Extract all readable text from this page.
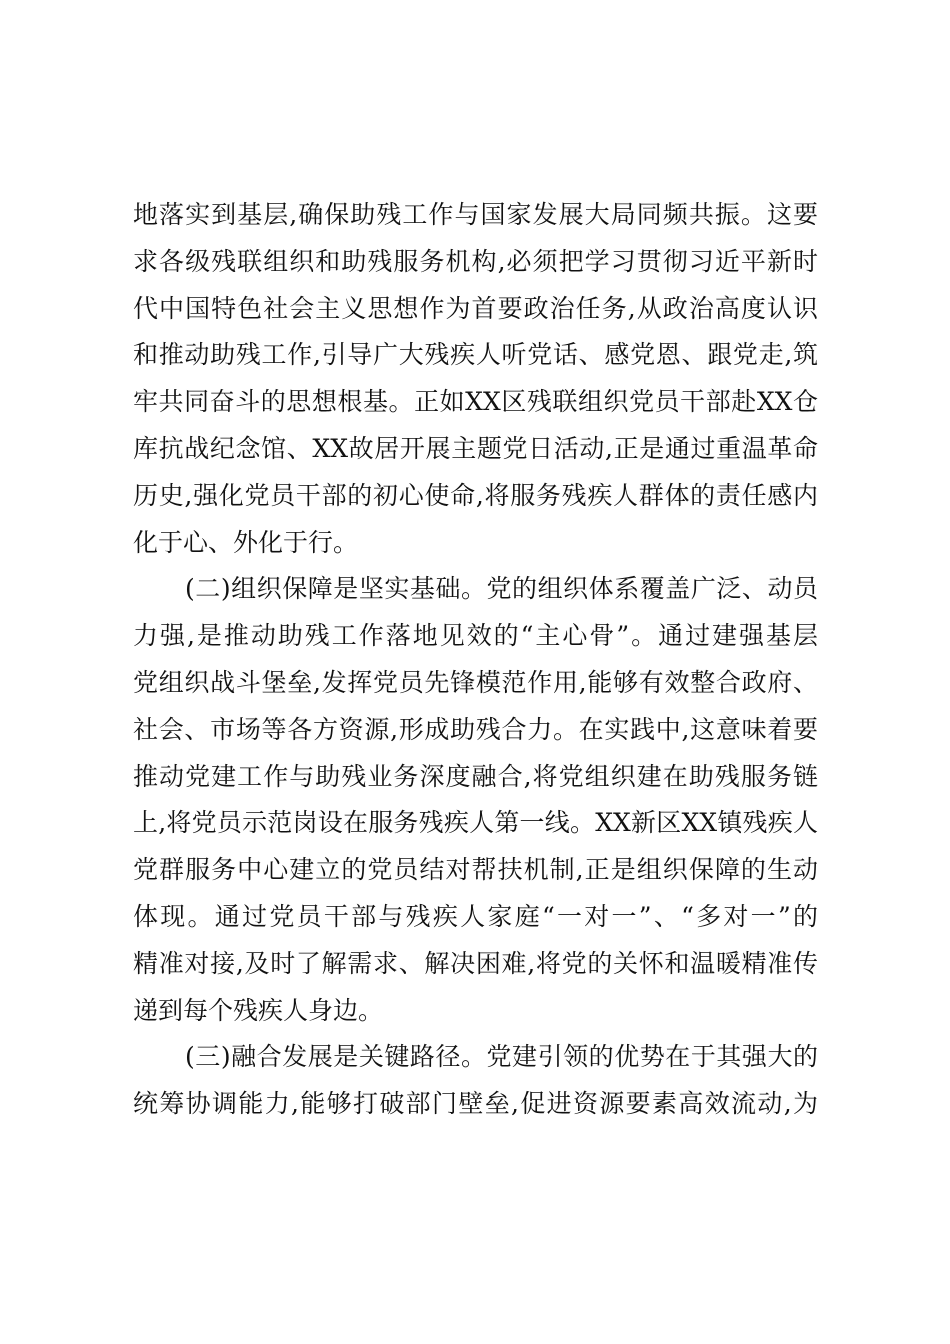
地落实到基层,确保助残工作与国家发展大局同频共振。这要
求各级残联组织和助残服务机构,必须把学习贯彻习近平新时
代中国特色社会主义思想作为首要政治任务,从政治高度认识
和推动助残工作,引导广大残疾人听党话、感党恩、跟党走,筑
牢共同奋斗的思想根基。正如XX区残联组织党员干部赴XX仓
库抗战纪念馆、XX故居开展主题党日活动,正是通过重温革命
历史,强化党员干部的初心使命,将服务残疾人群体的责任感内
化于心、外化于行。
(二)组织保障是坚实基础。党的组织体系覆盖广泛、动员
力强,是推动助残工作落地见效的“主心骨”。通过建强基层
党组织战斗堡垒,发挥党员先锋模范作用,能够有效整合政府、
社会、市场等各方资源,形成助残合力。在实践中,这意味着要
推动党建工作与助残业务深度融合,将党组织建在助残服务链
上,将党员示范岗设在服务残疾人第一线。XX新区XX镇残疾人
党群服务中心建立的党员结对帮扶机制,正是组织保障的生动
体现。通过党员干部与残疾人家庭“一对一”、“多对一”的
精准对接,及时了解需求、解决困难,将党的关怀和温暖精准传
递到每个残疾人身边。
(三)融合发展是关键路径。党建引领的优势在于其强大的
统筹协调能力,能够打破部门壁垒,促进资源要素高效流动,为
